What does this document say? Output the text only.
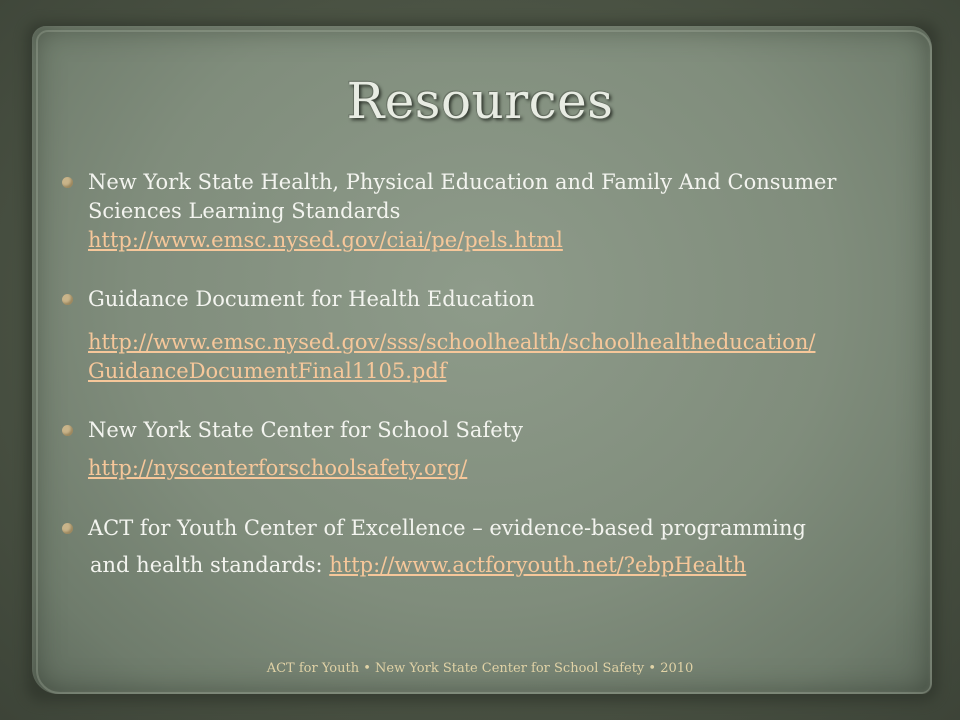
Resources
New York State Health, Physical Education and Family And Consumer Sciences Learning Standards
http://www.emsc.nysed.gov/ciai/pe/pels.html
Guidance Document for Health Education
http://www.emsc.nysed.gov/sss/schoolhealth/schoolhealtheducation/
GuidanceDocumentFinal1105.pdf
New York State Center for School Safety
http://nyscenterforschoolsafety.org/
ACT for Youth Center of Excellence – evidence-based programming
and health standards: http://www.actforyouth.net/?ebpHealth
ACT for Youth • New York State Center for School Safety • 2010
